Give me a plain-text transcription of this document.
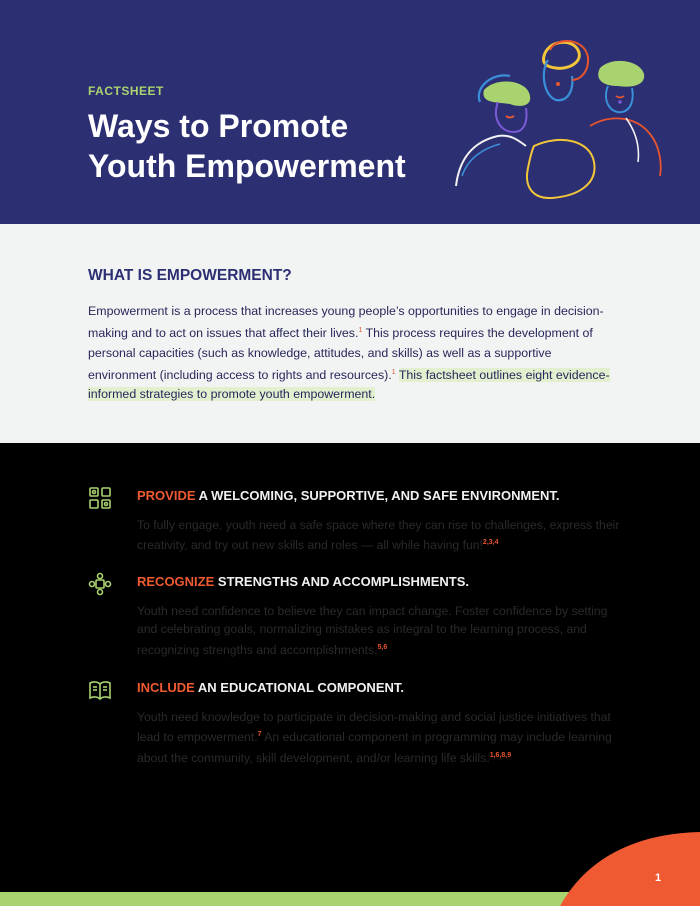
FACTSHEET
Ways to Promote
Youth Empowerment
WHAT IS EMPOWERMENT?

Empowerment is a process that increases young people’s opportunities to engage in decision-making and to act on issues that affect their lives.$^1$ This process requires the development of personal capacities (such as knowledge, attitudes, and skills) as well as a supportive environment (including access to rights and resources).$^1$ This factsheet outlines eight evidence-informed strategies to promote youth empowerment.

PROVIDE A WELCOMING, SUPPORTIVE, AND SAFE ENVIRONMENT.

To fully engage, youth need a safe space where they can rise to challenges, express their creativity, and try out new skills and roles — all while having fun!$^{2,3,4}$

RECOGNIZE STRENGTHS AND ACCOMPLISHMENTS.

Youth need confidence to believe they can impact change. Foster confidence by setting and celebrating goals, normalizing mistakes as integral to the learning process, and recognizing strengths and accomplishments.$^{5,6}$

INCLUDE AN EDUCATIONAL COMPONENT.

Youth need knowledge to participate in decision-making and social justice initiatives that lead to empowerment.$^7$ An educational component in programming may include learning about the community, skill development, and/or learning life skills.$^{1,6,8,9}$

1
